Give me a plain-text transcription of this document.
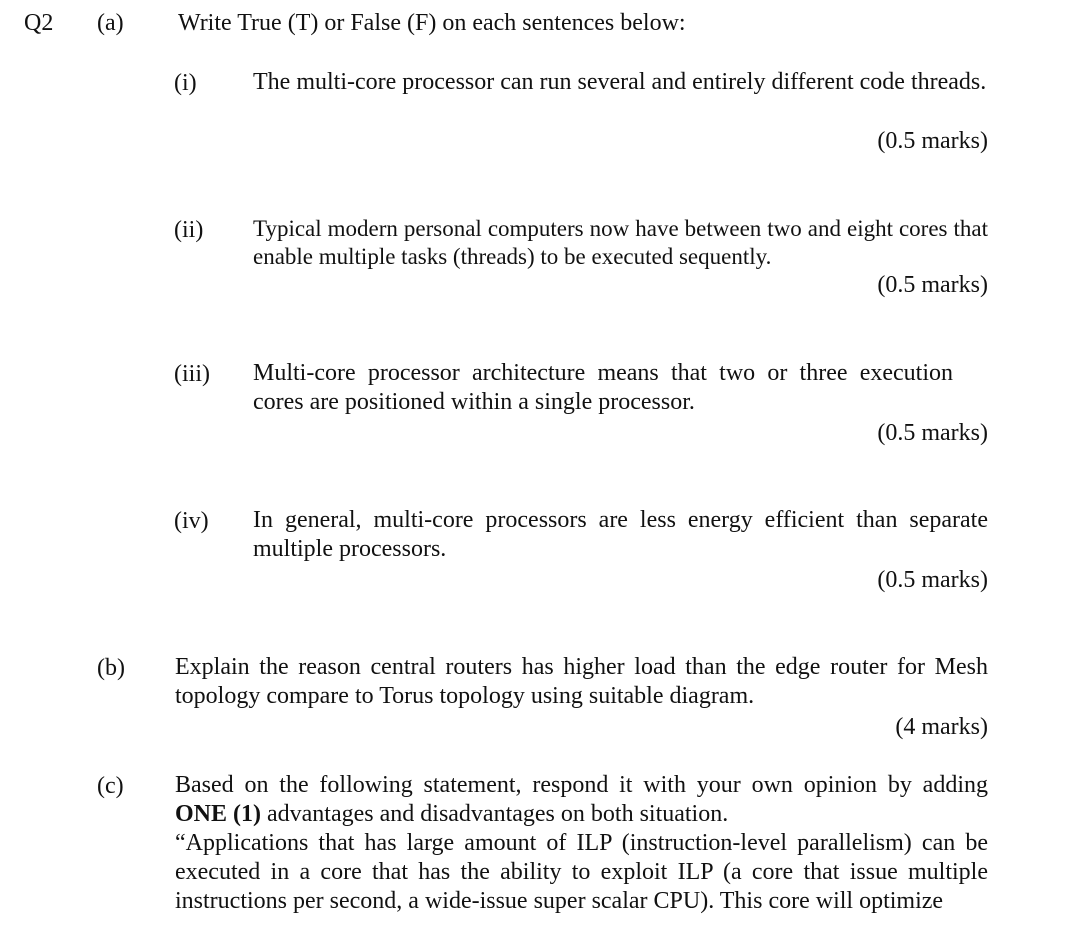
Q2 (a) Write True (T) or False (F) on each sentences below:
(i) The multi-core processor can run several and entirely different code threads.
(0.5 marks)
(ii) Typical modern personal computers now have between two and eight cores that enable multiple tasks (threads) to be executed sequently.
(0.5 marks)
(iii) Multi-core processor architecture means that two or three execution cores are positioned within a single processor.
(0.5 marks)
(iv) In general, multi-core processors are less energy efficient than separate multiple processors.
(0.5 marks)
(b) Explain the reason central routers has higher load than the edge router for Mesh topology compare to Torus topology using suitable diagram.
(4 marks)
(c) Based on the following statement, respond it with your own opinion by adding ONE (1) advantages and disadvantages on both situation.
“Applications that has large amount of ILP (instruction-level parallelism) can be executed in a core that has the ability to exploit ILP (a core that issue multiple instructions per second, a wide-issue super scalar CPU). This core will optimize
